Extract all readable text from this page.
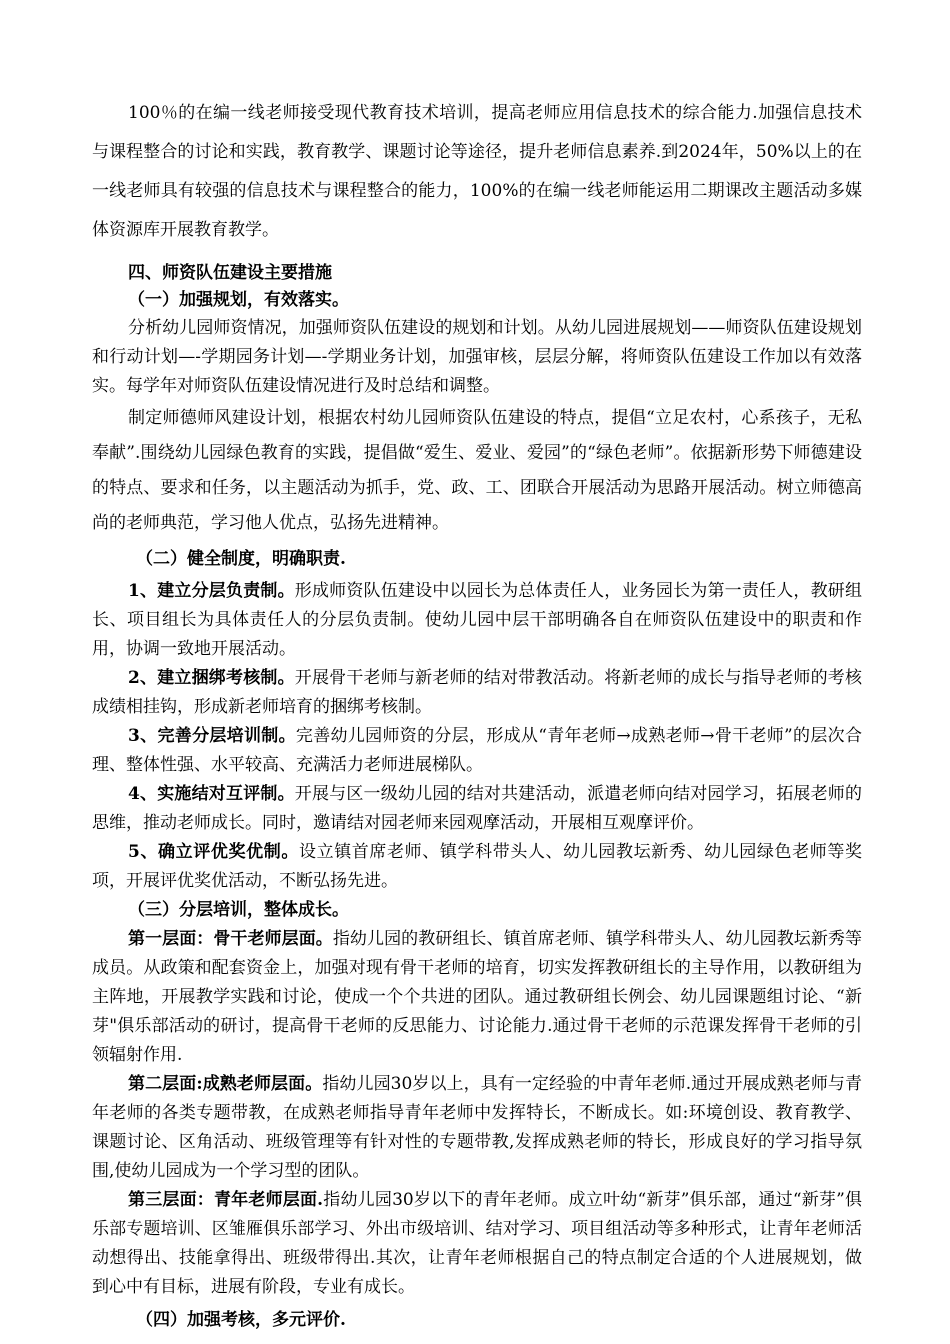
100％的在编一线老师接受现代教育技术培训，提高老师应用信息技术的综合能力.加强信息技术与课程整合的讨论和实践，教育教学、课题讨论等途径，提升老师信息素养.到2024年，50%以上的在一线老师具有较强的信息技术与课程整合的能力，100%的在编一线老师能运用二期课改主题活动多媒体资源库开展教育教学。

四、师资队伍建设主要措施
（一）加强规划，有效落实。

分析幼儿园师资情况，加强师资队伍建设的规划和计划。从幼儿园进展规划——师资队伍建设规划和行动计划—-学期园务计划—-学期业务计划，加强审核，层层分解，将师资队伍建设工作加以有效落实。每学年对师资队伍建设情况进行及时总结和调整。

制定师德师风建设计划，根据农村幼儿园师资队伍建设的特点，提倡“立足农村，心系孩子，无私奉献”.围绕幼儿园绿色教育的实践，提倡做“爱生、爱业、爱园”的“绿色老师”。依据新形势下师德建设的特点、要求和任务，以主题活动为抓手，党、政、工、团联合开展活动为思路开展活动。树立师德高尚的老师典范，学习他人优点，弘扬先进精神。

（二）健全制度，明确职责.

1、建立分层负责制。形成师资队伍建设中以园长为总体责任人，业务园长为第一责任人，教研组长、项目组长为具体责任人的分层负责制。使幼儿园中层干部明确各自在师资队伍建设中的职责和作用，协调一致地开展活动。

2、建立捆绑考核制。开展骨干老师与新老师的结对带教活动。将新老师的成长与指导老师的考核成绩相挂钩，形成新老师培育的捆绑考核制。

3、完善分层培训制。完善幼儿园师资的分层，形成从“青年老师→成熟老师→骨干老师”的层次合理、整体性强、水平较高、充满活力老师进展梯队。

4、实施结对互评制。开展与区一级幼儿园的结对共建活动，派遣老师向结对园学习，拓展老师的思维，推动老师成长。同时，邀请结对园老师来园观摩活动，开展相互观摩评价。

5、确立评优奖优制。设立镇首席老师、镇学科带头人、幼儿园教坛新秀、幼儿园绿色老师等奖项，开展评优奖优活动，不断弘扬先进。

（三）分层培训，整体成长。

第一层面：骨干老师层面。指幼儿园的教研组长、镇首席老师、镇学科带头人、幼儿园教坛新秀等成员。从政策和配套资金上，加强对现有骨干老师的培育，切实发挥教研组长的主导作用，以教研组为主阵地，开展教学实践和讨论，使成一个个共进的团队。通过教研组长例会、幼儿园课题组讨论、“新芽"俱乐部活动的研讨，提高骨干老师的反思能力、讨论能力.通过骨干老师的示范课发挥骨干老师的引领辐射作用.

第二层面:成熟老师层面。指幼儿园30岁以上，具有一定经验的中青年老师.通过开展成熟老师与青年老师的各类专题带教，在成熟老师指导青年老师中发挥特长，不断成长。如:环境创设、教育教学、课题讨论、区角活动、班级管理等有针对性的专题带教,发挥成熟老师的特长，形成良好的学习指导氛围,使幼儿园成为一个学习型的团队。

第三层面：青年老师层面.指幼儿园30岁以下的青年老师。成立叶幼“新芽”俱乐部，通过“新芽”俱乐部专题培训、区雏雁俱乐部学习、外出市级培训、结对学习、项目组活动等多种形式，让青年老师活动想得出、技能拿得出、班级带得出.其次，让青年老师根据自己的特点制定合适的个人进展规划，做到心中有目标，进展有阶段，专业有成长。

（四）加强考核，多元评价.
